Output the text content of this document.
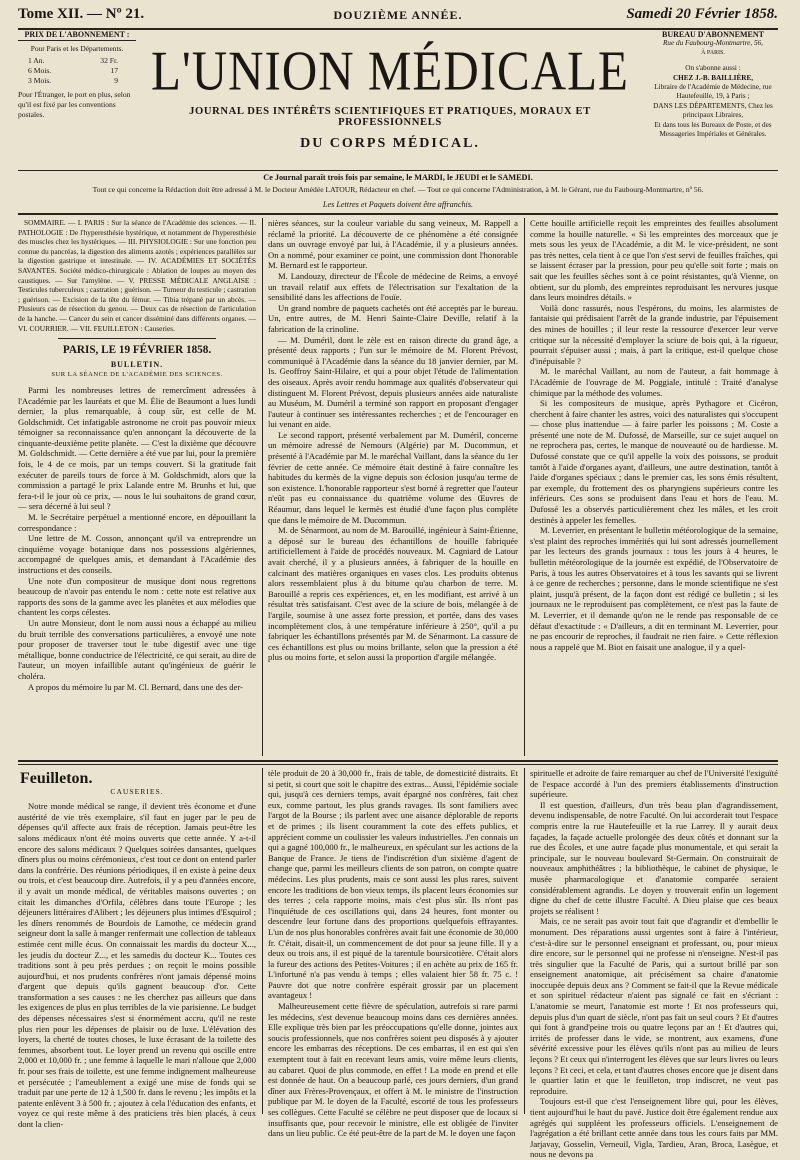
Tome XII. — Nº 21.	DOUZIÈME ANNÉE.	Samedi 20 Février 1858.
PRIX DE L'ABONNEMENT :
Pour Paris et les Départements.
1 An.	32 Fr.
6 Mois.	17
3 Mois.	9
Pour l'Étranger, le port en plus, selon qu'il est fixé par les conventions postales.
L'UNION MÉDICALE
JOURNAL DES INTÉRÊTS SCIENTIFIQUES ET PRATIQUES, MORAUX ET PROFESSIONNELS
DU CORPS MÉDICAL.
BUREAU D'ABONNEMENT
Rue du Faubourg-Montmartre, 56,
À PARIS.
On s'abonne aussi :
CHEZ J.-B. BAILLIÈRE,
Libraire de l'Académie de Médecine, rue Hautefeuille, 19, à Paris ;
DANS LES DÉPARTEMENTS, Chez les principaux Libraires,
Et dans tous les Bureaux de Poste, et des Messageries Impériales et Générales.
Ce Journal paraît trois fois par semaine, le MARDI, le JEUDI et le SAMEDI.
Tout ce qui concerne la Rédaction doit être adressé à M. le Docteur Amédée LATOUR, Rédacteur en chef. — Tout ce qui concerne l'Administration, à M. le Gérant, rue du Faubourg-Montmartre, nº 56.
Les Lettres et Paquets doivent être affranchis.

SOMMAIRE. — I. PARIS : Sur la séance de l'Académie des sciences. — II. PATHOLOGIE : De l'hyperesthésie hystérique, et notamment de l'hyperesthésie des muscles chez les hystériques. — III. PHYSIOLOGIE : Sur une fonction peu connue du pancréas, la digestion des aliments azotés ; expériences parallèles sur la digestion gastrique et intestinale. — IV. ACADÉMIES ET SOCIÉTÉS SAVANTES. Société médico-chirurgicale : Ablation de loupes au moyen des caustiques. — Sur l'amylène. — V. PRESSE MÉDICALE ANGLAISE : Testicules tuberculeux ; castration ; guérison. — Tumeur du testicule ; castration ; guérison. — Excision de la tête du fémur. — Tibia trépané par un abcès. — Plusieurs cas de résection du genou. — Deux cas de résection de l'articulation de la hanche. — Cancer du sein et cancer disséminé dans différents organes. — VI. COURRIER. — VII. FEUILLETON : Causeries.

PARIS, LE 19 FÉVRIER 1858.
BULLETIN.
SUR LA SÉANCE DE L'ACADÉMIE DES SCIENCES.

Parmi les nombreuses lettres de remercîment adressées à l'Académie par les lauréats et que M. Élie de Beaumont a lues lundi dernier, la plus remarquable, à coup sûr, est celle de M. Goldschmidt. Cet infatigable astronome ne croit pas pouvoir mieux témoigner sa reconnaissance qu'en annonçant la découverte de la cinquante-deuxième petite planète. — C'est la dixième que découvre M. Goldschmidt. — Cette dernière a été vue par lui, pour la première fois, le 4 de ce mois, par un temps couvert. Si la gratitude fait exécuter de pareils tours de force à M. Goldschmidt, alors que la commission a partagé le prix Lalande entre M. Brunhs et lui, que fera-t-il le jour où ce prix, — nous le lui souhaitons de grand cœur, — sera décerné à lui seul ?

M. le Secrétaire perpétuel a mentionné encore, en dépouillant la correspondance :

Une lettre de M. Cosson, annonçant qu'il va entreprendre un cinquième voyage botanique dans nos possessions algériennes, accompagné de quelques amis, et demandant à l'Académie des instructions et des conseils.

Une note d'un compositeur de musique dont nous regrettons beaucoup de n'avoir pas entendu le nom : cette note est relative aux rapports des sons de la gamme avec les planètes et aux mélodies que chantent les corps célestes.

Un autre Monsieur, dont le nom aussi nous a échappé au milieu du bruit terrible des conversations particulières, a envoyé une note pour proposer de traverser tout le tube digestif avec une tige métallique, bonne conductrice de l'électricité, ce qui serait, au dire de l'auteur, un moyen infaillible autant qu'ingénieux de guérir le choléra.

A propos du mémoire lu par M. Cl. Bernard, dans une des der-

nières séances, sur la couleur variable du sang veineux, M. Rappell a réclamé la priorité. La découverte de ce phénomène a été consignée dans un ouvrage envoyé par lui, à l'Académie, il y a plusieurs années. On a nommé, pour examiner ce point, une commission dont l'honorable M. Bernard est le rapporteur.

M. Landouzy, directeur de l'École de médecine de Reims, a envoyé un travail relatif aux effets de l'électrisation sur l'exaltation de la sensibilité dans les affections de l'ouïe.

Un grand nombre de paquets cachetés ont été acceptés par le bureau. Un, entre autres, de M. Henri Sainte-Claire Deville, relatif à la fabrication de la crinoline.

— M. Duméril, dont le zèle est en raison directe du grand âge, a présenté deux rapports ; l'un sur le mémoire de M. Florent Prévost, communiqué à l'Académie dans la séance du 18 janvier dernier, par M. Is. Geoffroy Saint-Hilaire, et qui a pour objet l'étude de l'alimentation des oiseaux. Après avoir rendu hommage aux qualités d'observateur qui distinguent M. Florent Prévost, depuis plusieurs années aide naturaliste au Muséum, M. Duméril a terminé son rapport en proposant d'engager l'auteur à continuer ses intéressantes recherches ; et de l'encourager en lui venant en aide.

Le second rapport, présenté verbalement par M. Duméril, concerne un mémoire adressé de Nemours (Algérie) par M. Ducommun, et présenté à l'Académie par M. le maréchal Vaillant, dans la séance du 1er février de cette année. Ce mémoire était destiné à faire connaître les habitudes du kermès de la vigne depuis son éclosion jusqu'au terme de son existence. L'honorable rapporteur s'est borné à regretter que l'auteur n'eût pas eu connaissance du quatrième volume des Œuvres de Réaumur, dans lequel le kermès est étudié d'une façon plus complète que dans le mémoire de M. Ducommun.

M. de Sénarmont, au nom de M. Barouillé, ingénieur à Saint-Étienne, a déposé sur le bureau des échantillons de houille fabriquée artificiellement à l'aide de procédés nouveaux. M. Cagniard de Latour avait cherché, il y a plusieurs années, à fabriquer de la houille en calcinant des matières organiques en vases clos. Les produits obtenus alors ressemblaient plus à du bitume qu'au charbon de terre. M. Barouillé a repris ces expériences, et, en les modifiant, est arrivé à un résultat très satisfaisant. C'est avec de la sciure de bois, mélangée à de l'argile, soumise à une assez forte pression, et portée, dans des vases incomplètement clos, à une température inférieure à 250°, qu'il a pu fabriquer les échantillons présentés par M. de Sénarmont. La cassure de ces échantillons est plus ou moins brillante, selon que la pression a été plus ou moins forte, et selon aussi la proportion d'argile mélangée.

Cette houille artificielle reçoit les empreintes des feuilles absolument comme la houille naturelle. « Si les empreintes des morceaux que je mets sous les yeux de l'Académie, a dit M. le vice-président, ne sont pas très nettes, cela tient à ce que l'on s'est servi de feuilles fraîches, qui se laissent écraser par la pression, pour peu qu'elle soit forte ; mais on sait que les feuilles sèches sont à ce point résistantes, qu'à Vienne, on obtient, sur du plomb, des empreintes reproduisant les nervures jusque dans leurs moindres détails. »

Voilà donc rassurés, nous l'espérons, du moins, les alarmistes de fantaisie qui prédisaient l'arrêt de la grande industrie, par l'épuisement des mines de houilles ; il leur reste la ressource d'exercer leur verve critique sur la nécessité d'employer la sciure de bois qui, à la rigueur, pourrait s'épuiser aussi ; mais, à part la critique, est-il quelque chose d'inépuisable ?

M. le maréchal Vaillant, au nom de l'auteur, a fait hommage à l'Académie de l'ouvrage de M. Poggiale, intitulé : Traité d'analyse chimique par la méthode des volumes.

Si les compositeurs de musique, après Pythagore et Cicéron, cherchent à faire chanter les astres, voici des naturalistes qui s'occupent — chose plus inattendue — à faire parler les poissons ; M. Coste a présenté une note de M. Dufossé, de Marseille, sur ce sujet auquel on ne reprochera pas, certes, le manque de nouveauté ou de hardiesse. M. Dufossé constate que ce qu'il appelle la voix des poissons, se produit tantôt à l'aide d'organes ayant, d'ailleurs, une autre destination, tantôt à l'aide d'organes spéciaux ; dans le premier cas, les sons émis résultent, par exemple, du frottement des os pharyngiens supérieurs contre les inférieurs. Ces sons se produisent dans l'eau et hors de l'eau. M. Dufossé les a observés particulièrement chez les mâles, et les croit destinés à appeler les femelles.

M. Leverrier, en présentant le bulletin météorologique de la semaine, s'est plaint des reproches immérités qui lui sont adressés journellement par les lecteurs des grands journaux : tous les jours à 4 heures, le bulletin météorologique de la journée est expédié, de l'Observatoire de Paris, à tous les autres Observatoires et à tous les savants qui se livrent à ce genre de recherches ; personne, dans le monde scientifique ne s'est plaint, jusqu'à présent, de la façon dont est rédigé ce bulletin ; si les journaux ne le reproduisent pas complètement, ce n'est pas la faute de M. Leverrier, et il demande qu'on ne le rende pas responsable de ce défaut d'exactitude : « D'ailleurs, a dit en terminant M. Leverrier, pour ne pas encourir de reproches, il faudrait ne rien faire. » Cette réflexion nous a rappelé que M. Biot en faisait une analogue, il y a quel-

Feuilleton.
CAUSERIES.

Notre monde médical se range, il devient très économe et d'une austérité de vie très exemplaire, s'il faut en juger par le peu de dépenses qu'il affecte aux frais de réception. Jamais peut-être les salons médicaux n'ont été moins ouverts que cette année. Y a-t-il encore des salons médicaux ? Quelques soirées dansantes, quelques dîners plus ou moins cérémonieux, c'est tout ce dont on entend parler dans la confrérie. Des réunions périodiques, il en existe à peine deux ou trois, et c'est beaucoup dire. Autrefois, il y a peu d'années encore, il y avait un monde médical, de véritables maisons ouvertes ; on citait les dimanches d'Orfila, célèbres dans toute l'Europe ; les déjeuners littéraires d'Alibert ; les déjeuners plus intimes d'Esquirol ; les dîners renommés de Bourdois de Lamothe, ce médecin grand seigneur dont la salle à manger renfermait une collection de tableaux estimée cent mille écus. On connaissait les mardis du docteur X..., les jeudis du docteur Z..., et les samedis du docteur K... Toutes ces traditions sont à peu près perdues ; on reçoit le moins possible aujourd'hui, et nos prudents confrères n'ont jamais dépensé moins d'argent que depuis qu'ils gagnent beaucoup d'or. Cette transformation a ses causes : ne les cherchez pas ailleurs que dans les exigences de plus en plus terribles de la vie parisienne. Le budget des dépenses nécessaires s'est si énormément accru, qu'il ne reste plus rien pour les dépenses de plaisir ou de luxe. L'élévation des loyers, la cherté de toutes choses, le luxe écrasant de la toilette des femmes, absorbent tout. Le loyer prend un revenu qui oscille entre 2,000 et 10,000 fr. ; une femme à laquelle le mari n'alloue que 2,000 fr. pour ses frais de toilette, est une femme indignement malheureuse et persécutée ; l'ameublement a exigé une mise de fonds qui se traduit par une perte de 12 à 1,500 fr. dans le revenu ; les impôts et la patente enlèvent 3 à 500 fr. ; ajoutez à cela l'éducation des enfants, et voyez ce qui reste même à des praticiens très bien placés, à ceux dont la clien-

tèle produit de 20 à 30,000 fr., frais de table, de domesticité distraits. Et si petit, si court que soit le chapitre des extras... Aussi, l'épidémie sociale qui, jusqu'à ces derniers temps, avait épargné nos confrères, fait chez eux, comme partout, les plus grands ravages. Ils sont familiers avec l'argot de la Bourse ; ils parlent avec une aisance déplorable de reports et de primes ; ils lisent couramment la cote des effets publics, et apprécient comme un coulissier les valeurs industrielles. J'en connais un qui a gagné 100,000 fr., le malheureux, en spéculant sur les actions de la Banque de France. Je tiens de l'indiscrétion d'un sixième d'agent de change que, parmi les meilleurs clients de son patron, on compte quatre médecins. Les plus prudents, mais ce sont aussi les plus rares, suivent encore les traditions de bon vieux temps, ils placent leurs économies sur des terres ; cela rapporte moins, mais c'est plus sûr. Ils n'ont pas l'inquiétude de ces oscillations qui, dans 24 heures, font monter ou descendre leur fortune dans des proportions quelquefois effrayantes. L'un de nos plus honorables confrères avait fait une économie de 30,000 fr. C'était, disait-il, un commencement de dot pour sa jeune fille. Il y a deux ou trois ans, il est piqué de la tarentule boursicotière. C'était alors la fureur des actions des Petites-Voitures ; il en achète au prix de 165 fr. L'infortuné n'a pas vendu à temps ; elles valaient hier 58 fr. 75 c. ! Pauvre dot que notre confrère espérait grossir par un placement avantageux !

Malheureusement cette fièvre de spéculation, autrefois si rare parmi les médecins, s'est devenue beaucoup moins dans ces dernières années. Elle explique très bien par les préoccupations qu'elle donne, jointes aux soucis professionnels, que nos confrères soient peu disposés à y ajouter encore les embarras des réceptions. De ces embarras, il en est qui s'en exemptent tout à fait en recevant leurs amis, voire même leurs clients, au cabaret. Quoi de plus commode, en effet ! La mode en prend et elle est donnée de haut. On a beaucoup parlé, ces jours derniers, d'un grand dîner aux Frères-Provençaux, et offert à M. le ministre de l'instruction publique par M. le doyen de la Faculté, escorté de tous les professeurs ses collègues. Cette Faculté se célèbre ne peut disposer que de locaux si insuffisants que, pour recevoir le ministre, elle est obligée de l'inviter dans un lieu public. Ce été peut-être de la part de M. le doyen une façon

spirituelle et adroite de faire remarquer au chef de l'Université l'exiguïté de l'espace accordé à l'un des premiers établissements d'instruction supérieure.

Il est question, d'ailleurs, d'un très beau plan d'agrandissement, devenu indispensable, de notre Faculté. On lui accorderait tout l'espace compris entre la rue Hautefeuille et la rue Larrey. Il y aurait deux façades, la façade actuelle prolongée des deux côtés et donnant sur la rue des Écoles, et une autre façade plus monumentale, et qui serait la principale, sur le nouveau boulevard St-Germain. On construirait de nouveaux amphithéâtres ; la bibliothèque, le cabinet de physique, le musée pharmacologique et d'anatomie comparée seraient considérablement agrandis. Le doyen y trouverait enfin un logement digne du chef de cette illustre Faculté. A Dieu plaise que ces beaux projets se réalisent !

Mais, ce ne serait pas avoir tout fait que d'agrandir et d'embellir le monument. Des réparations aussi urgentes sont à faire à l'intérieur, c'est-à-dire sur le personnel enseignant et professant, ou, pour mieux dire encore, sur le personnel qui ne professe ni n'enseigne. N'est-il pas très singulier que la Faculté de Paris, qui a surtout brillé par son enseignement anatomique, ait précisément sa chaire d'anatomie inoccupée depuis deux ans ? Comment se fait-il que la Revue médicale et son spirituel rédacteur n'aient pas signalé ce fait en s'écriant : L'anatomie se meurt, l'anatomie est morte ! Et nos professeurs qui, depuis plus d'un quart de siècle, n'ont pas fait un seul cours ? Et d'autres qui font à grand'peine trois ou quatre leçons par an ! Et d'autres qui, irrités de professer dans le vide, se montrent, aux examens, d'une sévérité excessive pour les élèves qu'ils n'ont pas au milieu de leurs leçons ? Et ceux qui n'interrogent les élèves que sur leurs livres ou leurs leçons ? Et ceci, et cela, et tant d'autres choses encore que je disent dans le quartier latin et que le feuilleton, trop indiscret, ne veut pas reproduire.

Toujours est-il que c'est l'enseignement libre qui, pour les élèves, tient aujourd'hui le haut du pavé. Justice doit être également rendue aux agrégés qui suppléent les professeurs officiels. L'enseignement de l'agrégation a été brillant cette année dans tous les cours faits par MM. Jarjavay, Gosselin, Verneuil, Vigla, Tardieu, Aran, Broca, Lasègue, et nous ne devons pa
